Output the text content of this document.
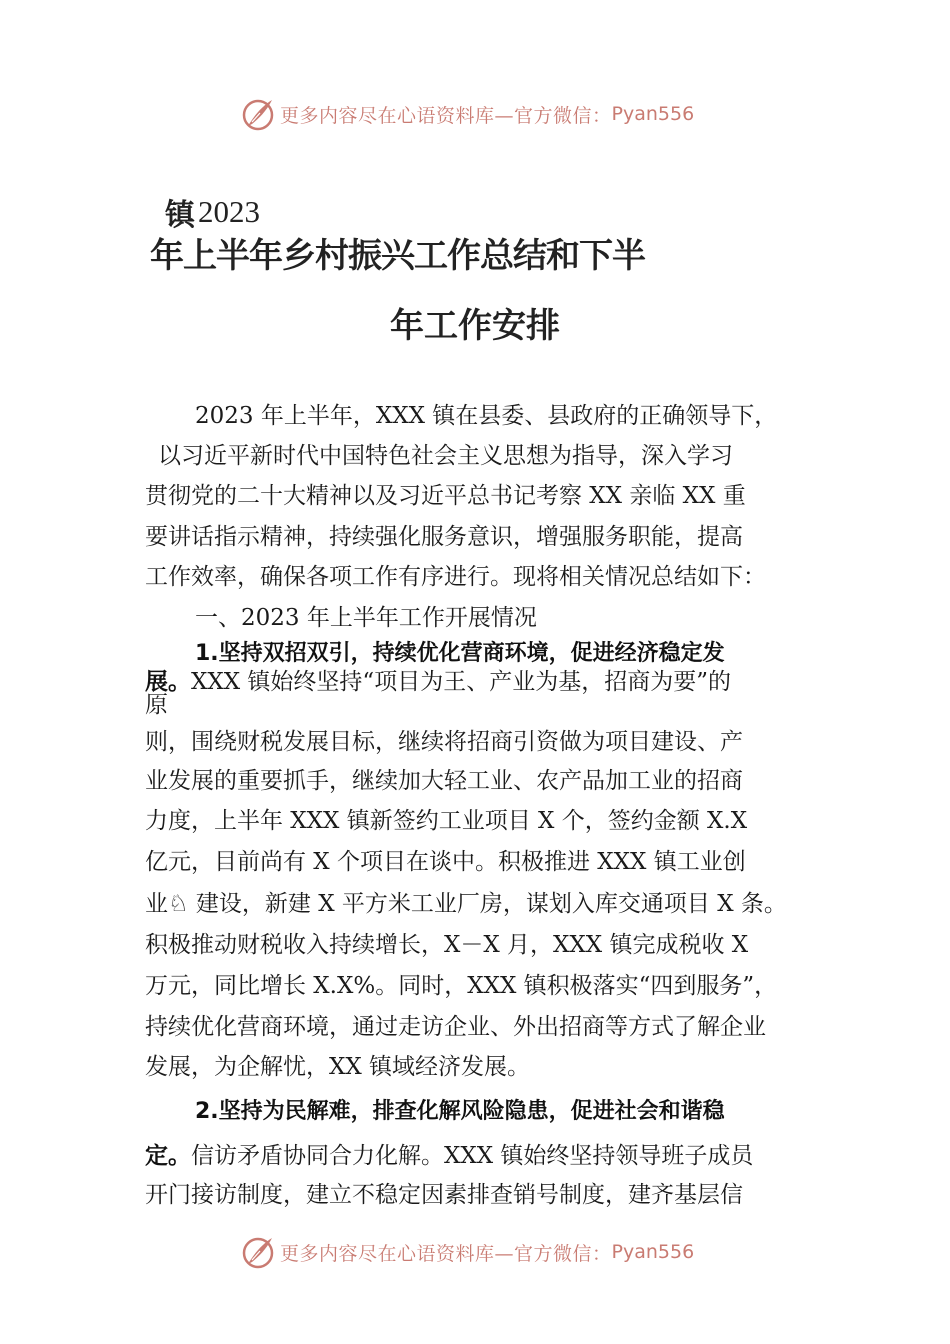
更多内容尽在心语资料库—官方微信： Pyan556
镇 2023
年上半年乡村振兴工作总结和下半
年工作安排
2023 年上半年，XXX 镇在县委、县政府的正确领导下，
以习近平新时代中国特色社会主义思想为指导，深入学习
贯彻党的二十大精神以及习近平总书记考察 XX 亲临 XX 重
要讲话指示精神，持续强化服务意识，增强服务职能，提高
工作效率，确保各项工作有序进行。现将相关情况总结如下：
一、2023 年上半年工作开展情况
1.坚持双招双引，持续优化营商环境，促进经济稳定发
展。XXX 镇始终坚持“项目为王、产业为基，招商为要”的
原
则，围绕财税发展目标，继续将招商引资做为项目建设、产
业发展的重要抓手，继续加大轻工业、农产品加工业的招商
力度，上半年 XXX 镇新签约工业项目 X 个，签约金额 X.X
亿元，目前尚有 X 个项目在谈中。积极推进 XXX 镇工业创
业♘ 建设，新建 X 平方米工业厂房，谋划入库交通项目 X 条。
积极推动财税收入持续增长，X－X 月，XXX 镇完成税收 X
万元，同比增长 X.X%。同时，XXX 镇积极落实“四到服务”，
持续优化营商环境，通过走访企业、外出招商等方式了解企业
发展，为企解忧，XX 镇域经济发展。
2.坚持为民解难，排查化解风险隐患，促进社会和谐稳
定。信访矛盾协同合力化解。XXX 镇始终坚持领导班子成员
开门接访制度，建立不稳定因素排查销号制度，建齐基层信
更多内容尽在心语资料库—官方微信： Pyan556
